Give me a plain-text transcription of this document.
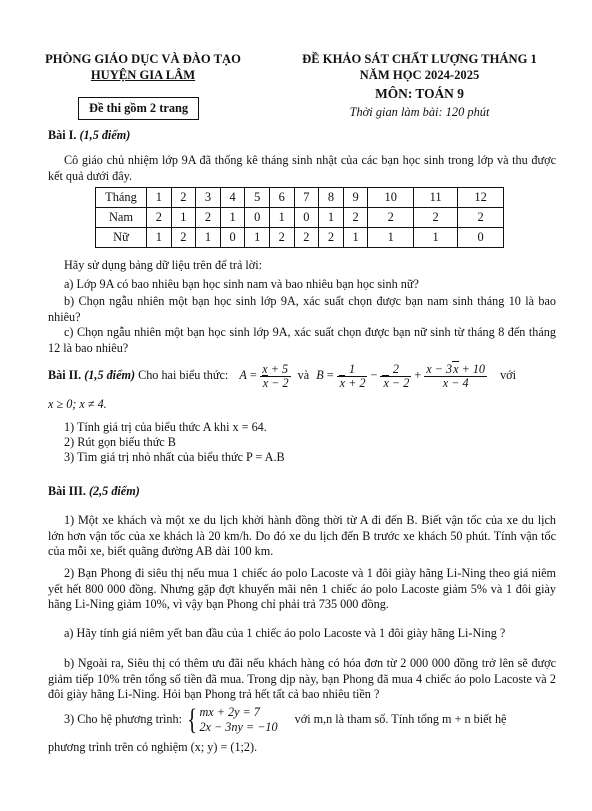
PHÒNG GIÁO DỤC VÀ ĐÀO TẠO
HUYỆN GIA LÂM
Đề thi gồm 2 trang
ĐỀ KHẢO SÁT CHẤT LƯỢNG THÁNG 1
NĂM HỌC 2024-2025
MÔN: TOÁN 9
Thời gian làm bài: 120 phút
Bài I. (1,5 điểm)

Cô giáo chủ nhiệm lớp 9A đã thống kê tháng sinh nhật của các bạn học sinh trong lớp và thu được kết quả dưới đây.

Tháng	1	2	3	4	5	6	7	8	9	10	11	12
Nam	2	1	2	1	0	1	0	1	2	2	2	2
Nữ	1	2	1	0	1	2	2	2	1	1	1	0

Hãy sử dụng bảng dữ liệu trên để trả lời:

a) Lớp 9A có bao nhiêu bạn học sinh nam và bao nhiêu bạn học sinh nữ?

b) Chọn ngẫu nhiên một bạn học sinh lớp 9A, xác suất chọn được bạn nam sinh tháng 10 là bao nhiêu?

c) Chọn ngẫu nhiên một bạn học sinh lớp 9A, xác suất chọn được bạn nữ sinh từ tháng 8 đến tháng 12 là bao nhiêu?

Bài II. (1,5 điểm) Cho hai biểu thức: $A = \frac{x + 5}{x - 2}$ và $B = \frac{1}{x + 2} - \frac{2}{x - 2} + \frac{x - 3x + 10}{x - 4}$ với
x ≥ 0; x ≠ 4.

1) Tính giá trị của biểu thức A khi x = 64.

2) Rút gọn biểu thức B

3) Tìm giá trị nhỏ nhất của biểu thức P = A.B

Bài III. (2,5 điểm)

1) Một xe khách và một xe du lịch khởi hành đồng thời từ A đi đến B. Biết vận tốc của xe du lịch lớn hơn vận tốc của xe khách là 20 km/h. Do đó xe du lịch đến B trước xe khách 50 phút. Tính vận tốc của mỗi xe, biết quãng đường AB dài 100 km.

2) Bạn Phong đi siêu thị nếu mua 1 chiếc áo polo Lacoste và 1 đôi giày hãng Li-Ning theo giá niêm yết hết 800 000 đồng. Nhưng gặp đợt khuyến mãi nên 1 chiếc áo polo Lacoste giảm 5% và 1 đôi giày hãng Li-Ning giảm 10%, vì vậy bạn Phong chỉ phải trả 735 000 đồng.

a) Hãy tính giá niêm yết ban đầu của 1 chiếc áo polo Lacoste và 1 đôi giày hãng Li-Ning ?

b) Ngoài ra, Siêu thị có thêm ưu đãi nếu khách hàng có hóa đơn từ 2 000 000 đồng trở lên sẽ được giảm tiếp 10% trên tổng số tiền đã mua. Trong dịp này, bạn Phong đã mua 4 chiếc áo polo Lacoste và 2 đôi giày hãng Li-Ning. Hỏi bạn Phong trả hết tất cả bao nhiêu tiền ?

3) Cho hệ phương trình: { mx + 2y = 7
2x − 3ny = −10
với m,n là tham số. Tính tổng m + n biết hệ

phương trình trên có nghiệm (x; y) = (1;2).
